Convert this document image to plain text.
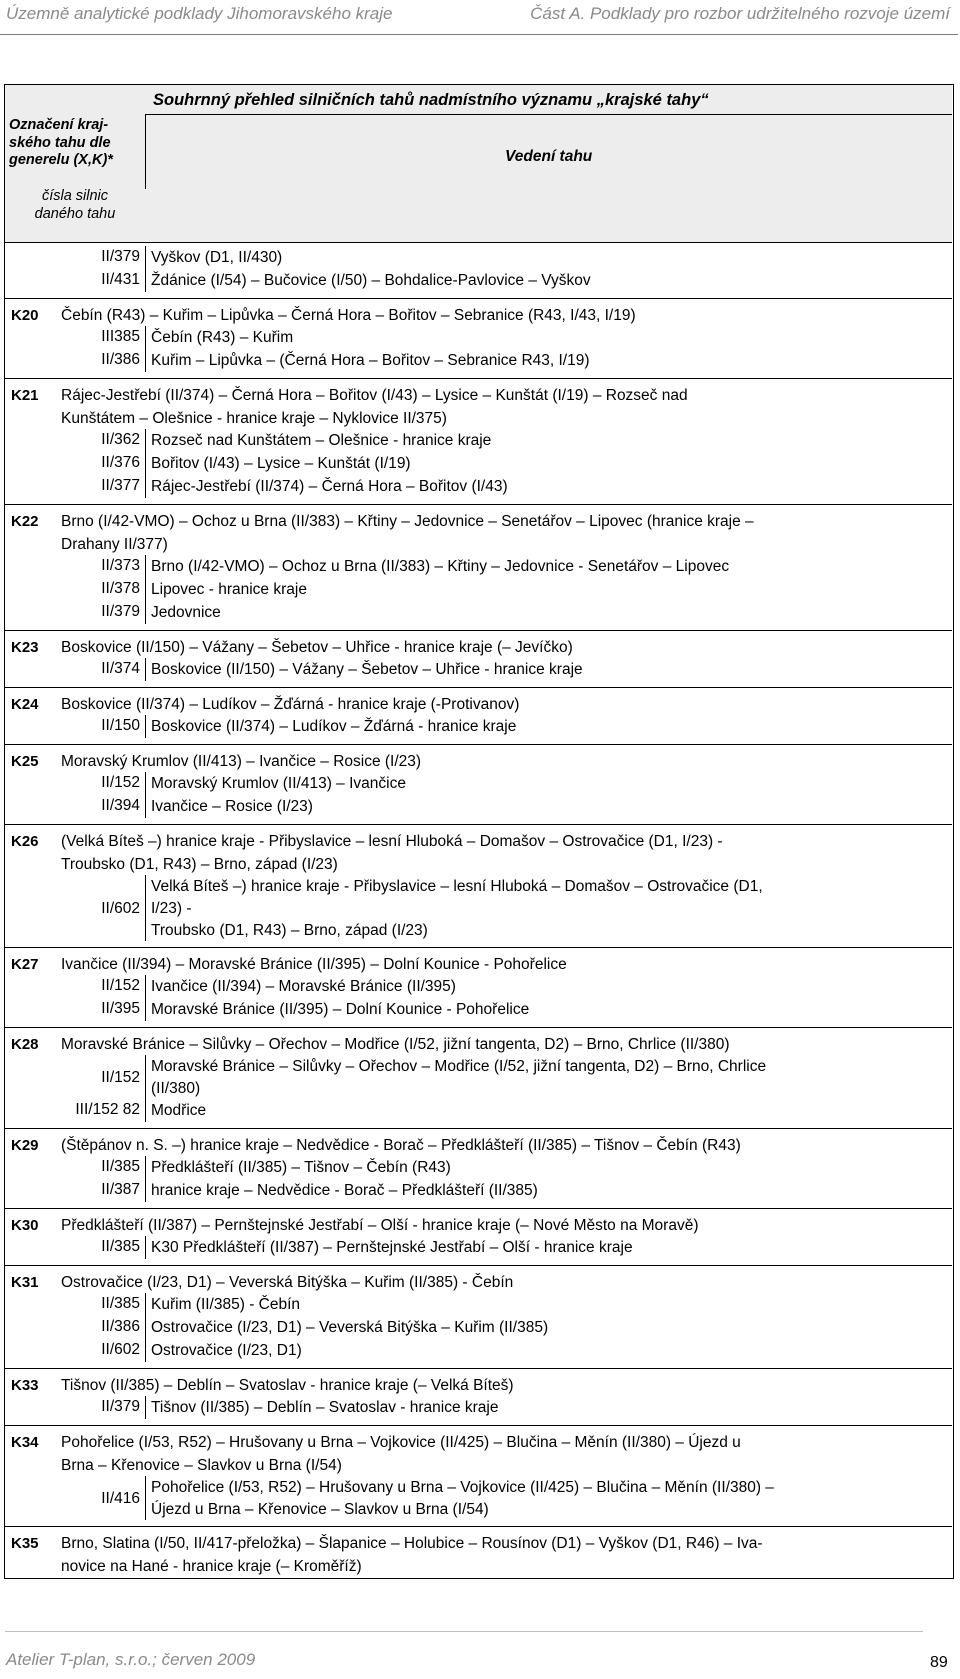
Územně analytické podklady Jihomoravského kraje	Část A. Podklady pro rozbor udržitelného rozvoje území
Souhrnný přehled silničních tahů nadmístního významu „krajské tahy“
Označení kraj-
ského tahu dle
generelu (X,K)*
čísla silnic
daného tahu
Vedení tahu
II/379 Vyškov (D1, II/430)
II/431 Ždánice (I/54) – Bučovice (I/50) – Bohdalice-Pavlovice – Vyškov
K20 Čebín (R43) – Kuřim – Lipůvka – Černá Hora – Bořitov – Sebranice (R43, I/43, I/19)
III385 Čebín (R43) – Kuřim
II/386 Kuřim – Lipůvka – (Černá Hora – Bořitov – Sebranice R43, I/19)
K21 Rájec-Jestřebí (II/374) – Černá Hora – Bořitov (I/43) – Lysice – Kunštát (I/19) – Rozseč nad
Kunštátem – Olešnice - hranice kraje – Nyklovice II/375)
II/362 Rozseč nad Kunštátem – Olešnice - hranice kraje
II/376 Bořitov (I/43) – Lysice – Kunštát (I/19)
II/377 Rájec-Jestřebí (II/374) – Černá Hora – Bořitov (I/43)
K22 Brno (I/42-VMO) – Ochoz u Brna (II/383) – Křtiny – Jedovnice – Senetářov – Lipovec (hranice kraje –
Drahany II/377)
II/373 Brno (I/42-VMO) – Ochoz u Brna (II/383) – Křtiny – Jedovnice - Senetářov – Lipovec
II/378 Lipovec - hranice kraje
II/379 Jedovnice
K23 Boskovice (II/150) – Vážany – Šebetov – Uhřice - hranice kraje (– Jevíčko)
II/374 Boskovice (II/150) – Vážany – Šebetov – Uhřice - hranice kraje
K24 Boskovice (II/374) – Ludíkov – Žďárná - hranice kraje (-Protivanov)
II/150 Boskovice (II/374) – Ludíkov – Žďárná - hranice kraje
K25 Moravský Krumlov (II/413) – Ivančice – Rosice (I/23)
II/152 Moravský Krumlov (II/413) – Ivančice
II/394 Ivančice – Rosice (I/23)
K26 (Velká Bíteš –) hranice kraje - Přibyslavice – lesní Hluboká – Domašov – Ostrovačice (D1, I/23) -
Troubsko (D1, R43) – Brno, západ (I/23)
II/602
Velká Bíteš –) hranice kraje - Přibyslavice – lesní Hluboká – Domašov – Ostrovačice (D1,
I/23) -
Troubsko (D1, R43) – Brno, západ (I/23)
K27 Ivančice (II/394) – Moravské Bránice (II/395) – Dolní Kounice - Pohořelice
II/152 Ivančice (II/394) – Moravské Bránice (II/395)
II/395 Moravské Bránice (II/395) – Dolní Kounice - Pohořelice
K28 Moravské Bránice – Silůvky – Ořechov – Modřice (I/52, jižní tangenta, D2) – Brno, Chrlice (II/380)
II/152
Moravské Bránice – Silůvky – Ořechov – Modřice (I/52, jižní tangenta, D2) – Brno, Chrlice
(II/380)
III/152 82 Modřice
K29 (Štěpánov n. S. –) hranice kraje – Nedvědice - Borač – Předklášteří (II/385) – Tišnov – Čebín (R43)
II/385 Předklášteří (II/385) – Tišnov – Čebín (R43)
II/387 hranice kraje – Nedvědice - Borač – Předklášteří (II/385)
K30 Předklášteří (II/387) – Pernštejnské Jestřabí – Olší - hranice kraje (– Nové Město na Moravě)
II/385 K30 Předklášteří (II/387) – Pernštejnské Jestřabí – Olší - hranice kraje
K31 Ostrovačice (I/23, D1) – Veverská Bitýška – Kuřim (II/385) - Čebín
II/385 Kuřim (II/385) - Čebín
II/386 Ostrovačice (I/23, D1) – Veverská Bitýška – Kuřim (II/385)
II/602 Ostrovačice (I/23, D1)
K33 Tišnov (II/385) – Deblín – Svatoslav - hranice kraje (– Velká Bíteš)
II/379 Tišnov (II/385) – Deblín – Svatoslav - hranice kraje
K34 Pohořelice (I/53, R52) – Hrušovany u Brna – Vojkovice (II/425) – Blučina – Měnín (II/380) – Újezd u
Brna – Křenovice – Slavkov u Brna (I/54)
II/416
Pohořelice (I/53, R52) – Hrušovany u Brna – Vojkovice (II/425) – Blučina – Měnín (II/380) –
Újezd u Brna – Křenovice – Slavkov u Brna (I/54)
K35 Brno, Slatina (I/50, II/417-přeložka) – Šlapanice – Holubice – Rousínov (D1) – Vyškov (D1, R46) – Iva-
novice na Hané - hranice kraje (– Kroměříž)
Atelier T-plan, s.r.o.; červen 2009	89
